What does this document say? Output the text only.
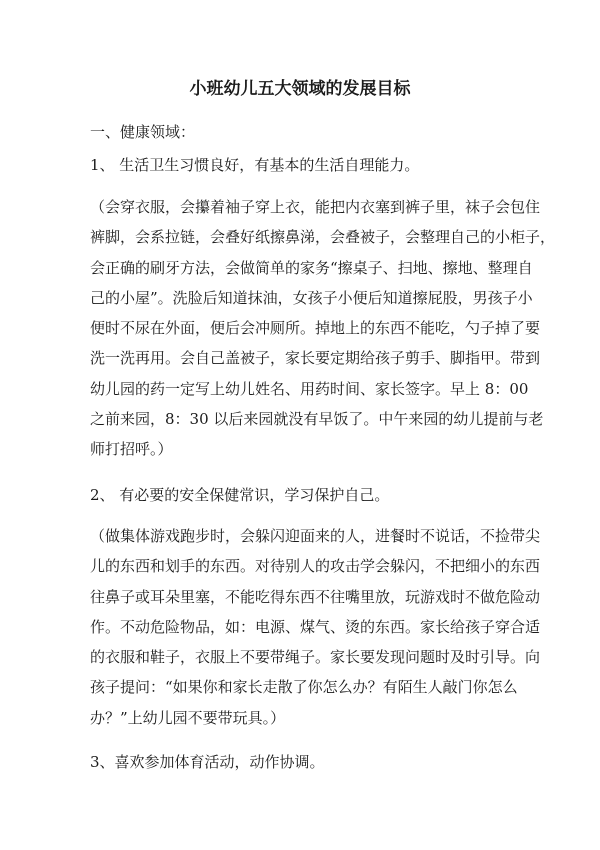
小班幼儿五大领域的发展目标

一、健康领域：

1、 生活卫生习惯良好，有基本的生活自理能力。

（会穿衣服，会攥着袖子穿上衣，能把内衣塞到裤子里，袜子会包住
裤脚，会系拉链，会叠好纸擦鼻涕，会叠被子，会整理自己的小柜子，
会正确的刷牙方法，会做简单的家务“擦桌子、扫地、擦地、整理自
己的小屋”。洗脸后知道抹油，女孩子小便后知道擦屁股，男孩子小
便时不尿在外面，便后会冲厕所。掉地上的东西不能吃，勺子掉了要
洗一洗再用。会自己盖被子，家长要定期给孩子剪手、脚指甲。带到
幼儿园的药一定写上幼儿姓名、用药时间、家长签字。早上 8：00
之前来园，8：30 以后来园就没有早饭了。中午来园的幼儿提前与老
师打招呼。）

2、 有必要的安全保健常识，学习保护自己。

（做集体游戏跑步时，会躲闪迎面来的人，进餐时不说话，不捡带尖
儿的东西和划手的东西。对待别人的攻击学会躲闪，不把细小的东西
往鼻子或耳朵里塞，不能吃得东西不往嘴里放，玩游戏时不做危险动
作。不动危险物品，如：电源、煤气、烫的东西。家长给孩子穿合适
的衣服和鞋子，衣服上不要带绳子。家长要发现问题时及时引导。向
孩子提问：“如果你和家长走散了你怎么办？有陌生人敲门你怎么
办？”上幼儿园不要带玩具。）

3、喜欢参加体育活动，动作协调。
